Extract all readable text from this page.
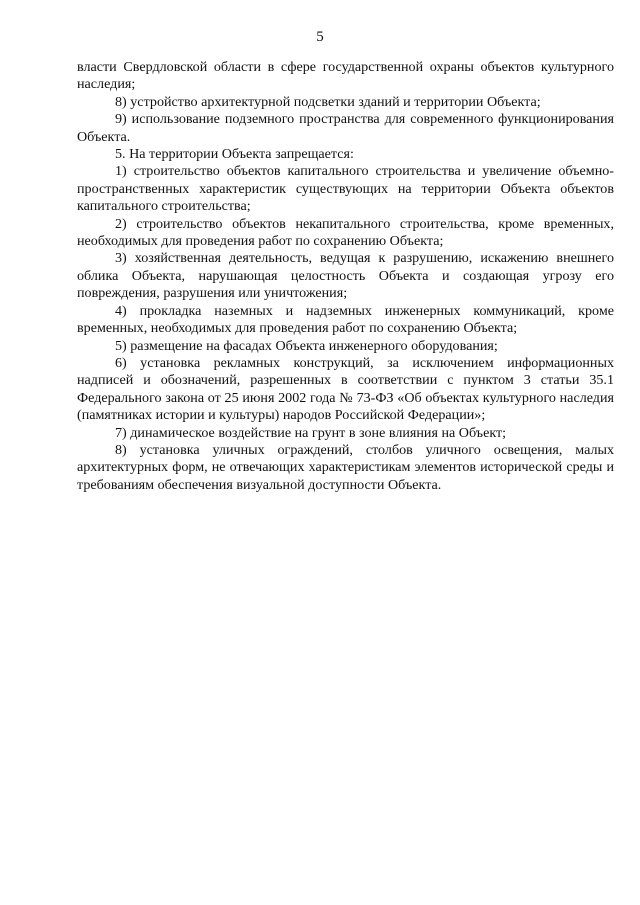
5

власти Свердловской области в сфере государственной охраны объектов культурного наследия;

8) устройство архитектурной подсветки зданий и территории Объекта;

9) использование подземного пространства для современного функционирования Объекта.

5. На территории Объекта запрещается:

1) строительство объектов капитального строительства и увеличение объемно-пространственных характеристик существующих на территории Объекта объектов капитального строительства;

2) строительство объектов некапитального строительства, кроме временных, необходимых для проведения работ по сохранению Объекта;

3) хозяйственная деятельность, ведущая к разрушению, искажению внешнего облика Объекта, нарушающая целостность Объекта и создающая угрозу его повреждения, разрушения или уничтожения;

4) прокладка наземных и надземных инженерных коммуникаций, кроме временных, необходимых для проведения работ по сохранению Объекта;

5) размещение на фасадах Объекта инженерного оборудования;

6) установка рекламных конструкций, за исключением информационных надписей и обозначений, разрешенных в соответствии с пунктом 3 статьи 35.1 Федерального закона от 25 июня 2002 года № 73-ФЗ «Об объектах культурного наследия (памятниках истории и культуры) народов Российской Федерации»;

7) динамическое воздействие на грунт в зоне влияния на Объект;

8) установка уличных ограждений, столбов уличного освещения, малых архитектурных форм, не отвечающих характеристикам элементов исторической среды и требованиям обеспечения визуальной доступности Объекта.
